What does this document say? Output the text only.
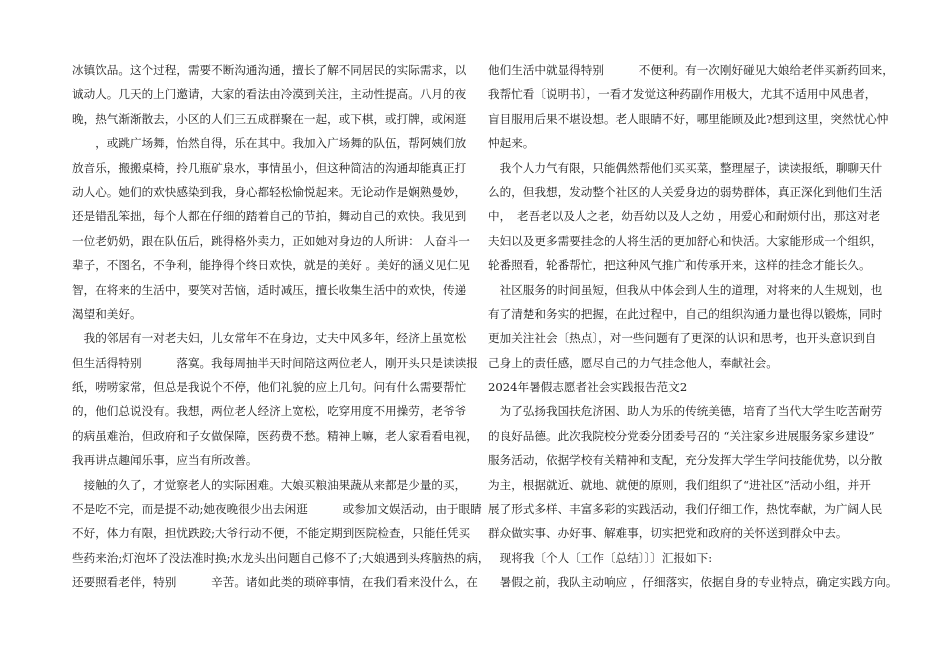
冰镇饮品。这个过程，需要不断沟通沟通，擅长了解不同居民的实际需求，以
诚动人。几天的上门邀请，大家的看法由冷漠到关注，主动性提高。八月的夜
晚，热气渐渐散去，小区的人们三五成群聚在一起，或下棋，或打牌，或闲逛
　　，或跳广场舞，怡然自得，乐在其中。我加入广场舞的队伍，帮阿姨们放
放音乐，搬搬桌椅，拎几瓶矿泉水，事情虽小，但这种简洁的沟通却能真正打
动人心。她们的欢快感染到我，身心都轻松愉悦起来。无论动作是娴熟曼妙，
还是错乱笨拙，每个人都在仔细的踏着自己的节拍，舞动自己的欢快。我见到
一位老奶奶，跟在队伍后，跳得格外卖力，正如她对身边的人所讲： 人奋斗一
辈子，不图名，不争利，能挣得个终日欢快，就是的美好 。美好的涵义见仁见
智，在将来的生活中，要笑对苦恼，适时减压，擅长收集生活中的欢快，传递
渴望和美好。
　我的邻居有一对老夫妇，儿女常年不在身边，丈夫中风多年，经济上虽宽松
但生活得特别　　　落寞。我每周抽半天时间陪这两位老人，刚开头只是读读报
纸，唠唠家常，但总是我说个不停，他们礼貌的应上几句。问有什么需要帮忙
的，他们总说没有。我想，两位老人经济上宽松，吃穿用度不用操劳，老爷爷
的病虽难治，但政府和子女做保障，医药费不愁。精神上嘛，老人家看看电视，
我再讲点趣闻乐事，应当有所改善。
　接触的久了，才觉察老人的实际困难。大娘买粮油果蔬从来都是少量的买，
不是吃不完，而是提不动;她夜晚很少出去闲逛　　　或参加文娱活动，由于眼睛
不好，体力有限，担忧跌跤;大爷行动不便，不能定期到医院检查，只能任凭买
些药来治;灯泡坏了没法准时换;水龙头出问题自己修不了;大娘遇到头疼脑热的病，
还要照看老伴，特别　　　辛苦。诸如此类的琐碎事情，在我们看来没什么，在
他们生活中就显得特别　　　不便利。有一次刚好碰见大娘给老伴买新药回来，
我帮忙看〔说明书〕，一看才发觉这种药副作用极大，尤其不适用中风患者，
盲目服用后果不堪设想。老人眼睛不好，哪里能顾及此?想到这里，突然忧心忡
忡起来。
　我个人力气有限，只能偶然帮他们买买菜，整理屋子，读读报纸，聊聊天什
么的，但我想，发动整个社区的人关爱身边的弱势群体，真正深化到他们生活
中，　老吾老以及人之老，幼吾幼以及人之幼 ，用爱心和耐烦付出，那这对老
夫妇以及更多需要挂念的人将生活的更加舒心和快活。大家能形成一个组织，
轮番照看，轮番帮忙，把这种风气推广和传承开来，这样的挂念才能长久。
　社区服务的时间虽短，但我从中体会到人生的道理，对将来的人生规划，也
有了清楚和务实的把握，在此过程中，自己的组织沟通力量也得以锻炼，同时
更加关注社会〔热点〕，对一些问题有了更深的认识和思考，也开头意识到自
己身上的责任感，愿尽自己的力气挂念他人，奉献社会。
2024年暑假志愿者社会实践报告范文2
　为了弘扬我国扶危济困、助人为乐的传统美德，培育了当代大学生吃苦耐劳
的良好品德。此次我院校分党委分团委号召的 “关注家乡进展服务家乡建设”
服务活动，依据学校有关精神和支配，充分发挥大学生学问技能优势，以分散
为主，根据就近、就地、就便的原则，我们组织了“进社区”活动小组，并开
展了形式多样、丰富多彩的实践活动，我们仔细工作，热忱奉献，为广阔人民
群众做实事、办好事、解难事，切实把党和政府的关怀送到群众中去。
　现将我〔个人〔工作〔总结〕〕〕汇报如下:
　暑假之前，我队主动响应 ，仔细落实，依据自身的专业特点，确定实践方向。
